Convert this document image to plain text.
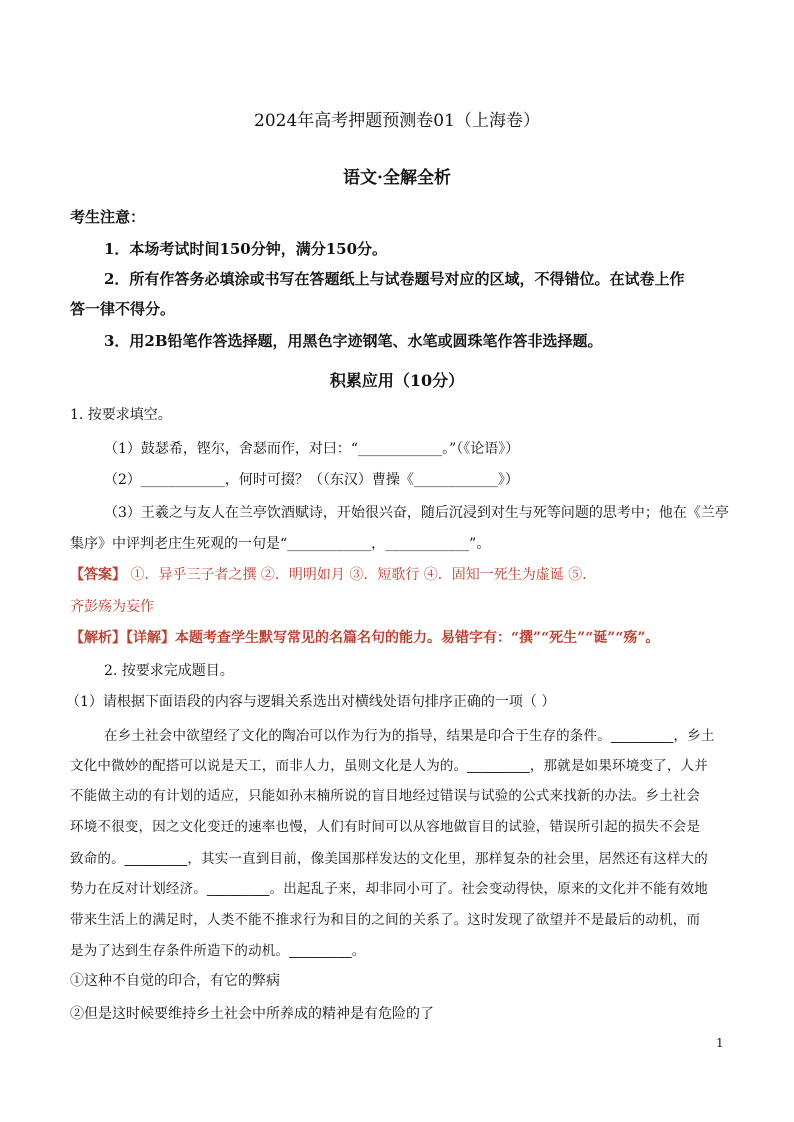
2024年高考押题预测卷01（上海卷）
语文·全解全析
考生注意：
1．本场考试时间150分钟，满分150分。
2．所有作答务必填涂或书写在答题纸上与试卷题号对应的区域，不得错位。在试卷上作
答一律不得分。
3．用2B铅笔作答选择题，用黑色字迹钢笔、水笔或圆珠笔作答非选择题。
积累应用（10分）
1. 按要求填空。
（1）鼓瑟希，铿尔，舍瑟而作，对曰：“____________。”（《论语》）
（2）____________，何时可掇？（（东汉）曹操《____________》）
（3）王羲之与友人在兰亭饮酒赋诗，开始很兴奋，随后沉浸到对生与死等问题的思考中；他在《兰亭
集序》中评判老庄生死观的一句是“____________，____________”。
【答案】 ①．异乎三子者之撰 ②．明明如月 ③．短歌行 ④．固知一死生为虚诞 ⑤．
齐彭殇为妄作
【解析】【详解】本题考查学生默写常见的名篇名句的能力。易错字有：“撰”“死生”“诞”“殇”。
2. 按要求完成题目。
（1）请根据下面语段的内容与逻辑关系选出对横线处语句排序正确的一项（ ）
在乡土社会中欲望经了文化的陶冶可以作为行为的指导，结果是印合于生存的条件。_________，乡土
文化中微妙的配搭可以说是天工，而非人力，虽则文化是人为的。_________，那就是如果环境变了，人并
不能做主动的有计划的适应，只能如孙末楠所说的盲目地经过错误与试验的公式来找新的办法。乡土社会
环境不很变，因之文化变迁的速率也慢，人们有时间可以从容地做盲目的试验，错误所引起的损失不会是
致命的。_________，其实一直到目前，像美国那样发达的文化里，那样复杂的社会里，居然还有这样大的
势力在反对计划经济。_________。出起乱子来，却非同小可了。社会变动得快，原来的文化并不能有效地
带来生活上的满足时，人类不能不推求行为和目的之间的关系了。这时发现了欲望并不是最后的动机，而
是为了达到生存条件所造下的动机。_________。
①这种不自觉的印合，有它的弊病
②但是这时候要维持乡土社会中所养成的精神是有危险的了
1
